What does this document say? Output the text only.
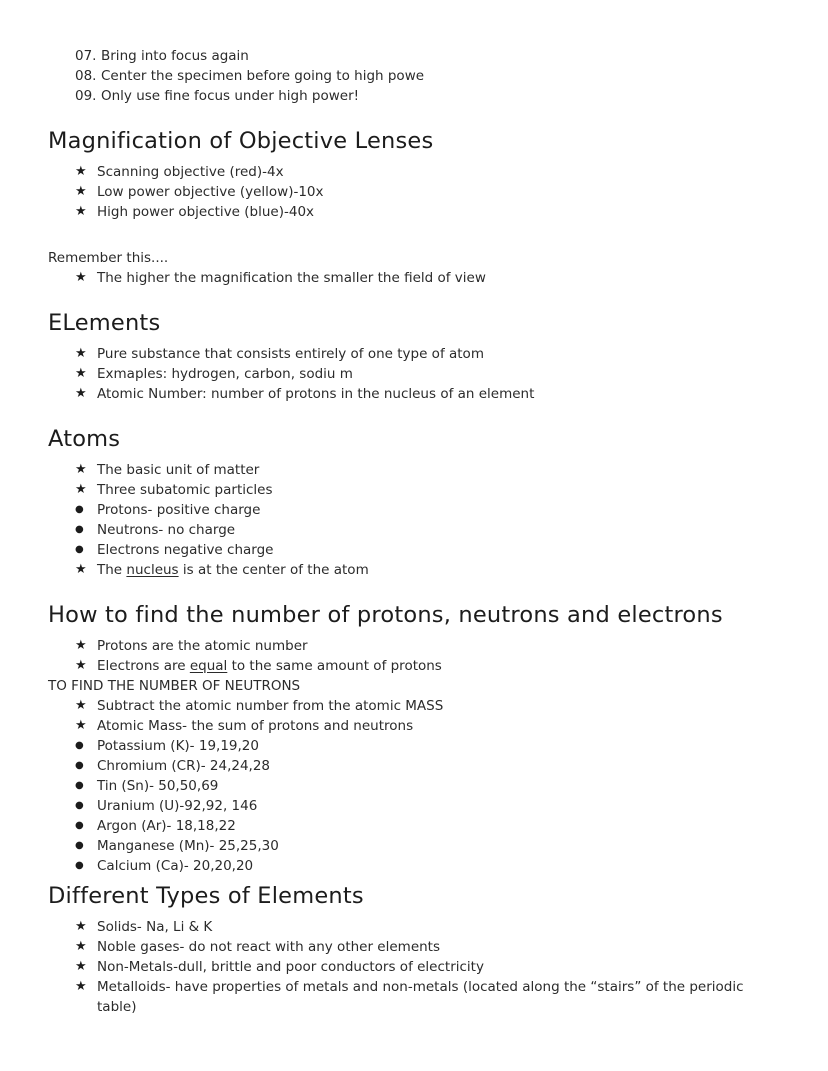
07. Bring into focus again
08. Center the specimen before going to high powe
09. Only use fine focus under high power!
Magnification of Objective Lenses
★ Scanning objective (red)-4x
★ Low power objective (yellow)-10x
★ High power objective (blue)-40x
Remember this....
★ The higher the magnification the smaller the field of view
ELements
★ Pure substance that consists entirely of one type of atom
★ Exmaples: hydrogen, carbon, sodiu m
★ Atomic Number: number of protons in the nucleus of an element
Atoms
★ The basic unit of matter
★ Three subatomic particles
● Protons- positive charge
● Neutrons- no charge
● Electrons negative charge
★ The nucleus is at the center of the atom
How to find the number of protons, neutrons and electrons
★ Protons are the atomic number
★ Electrons are equal to the same amount of protons
TO FIND THE NUMBER OF NEUTRONS
★ Subtract the atomic number from the atomic MASS
★ Atomic Mass- the sum of protons and neutrons
● Potassium (K)- 19,19,20
● Chromium (CR)- 24,24,28
● Tin (Sn)- 50,50,69
● Uranium (U)-92,92, 146
● Argon (Ar)- 18,18,22
● Manganese (Mn)- 25,25,30
● Calcium (Ca)- 20,20,20
Different Types of Elements
★ Solids- Na, Li & K
★ Noble gases- do not react with any other elements
★ Non-Metals-dull, brittle and poor conductors of electricity
★ Metalloids- have properties of metals and non-metals (located along the “stairs” of the periodic table)
